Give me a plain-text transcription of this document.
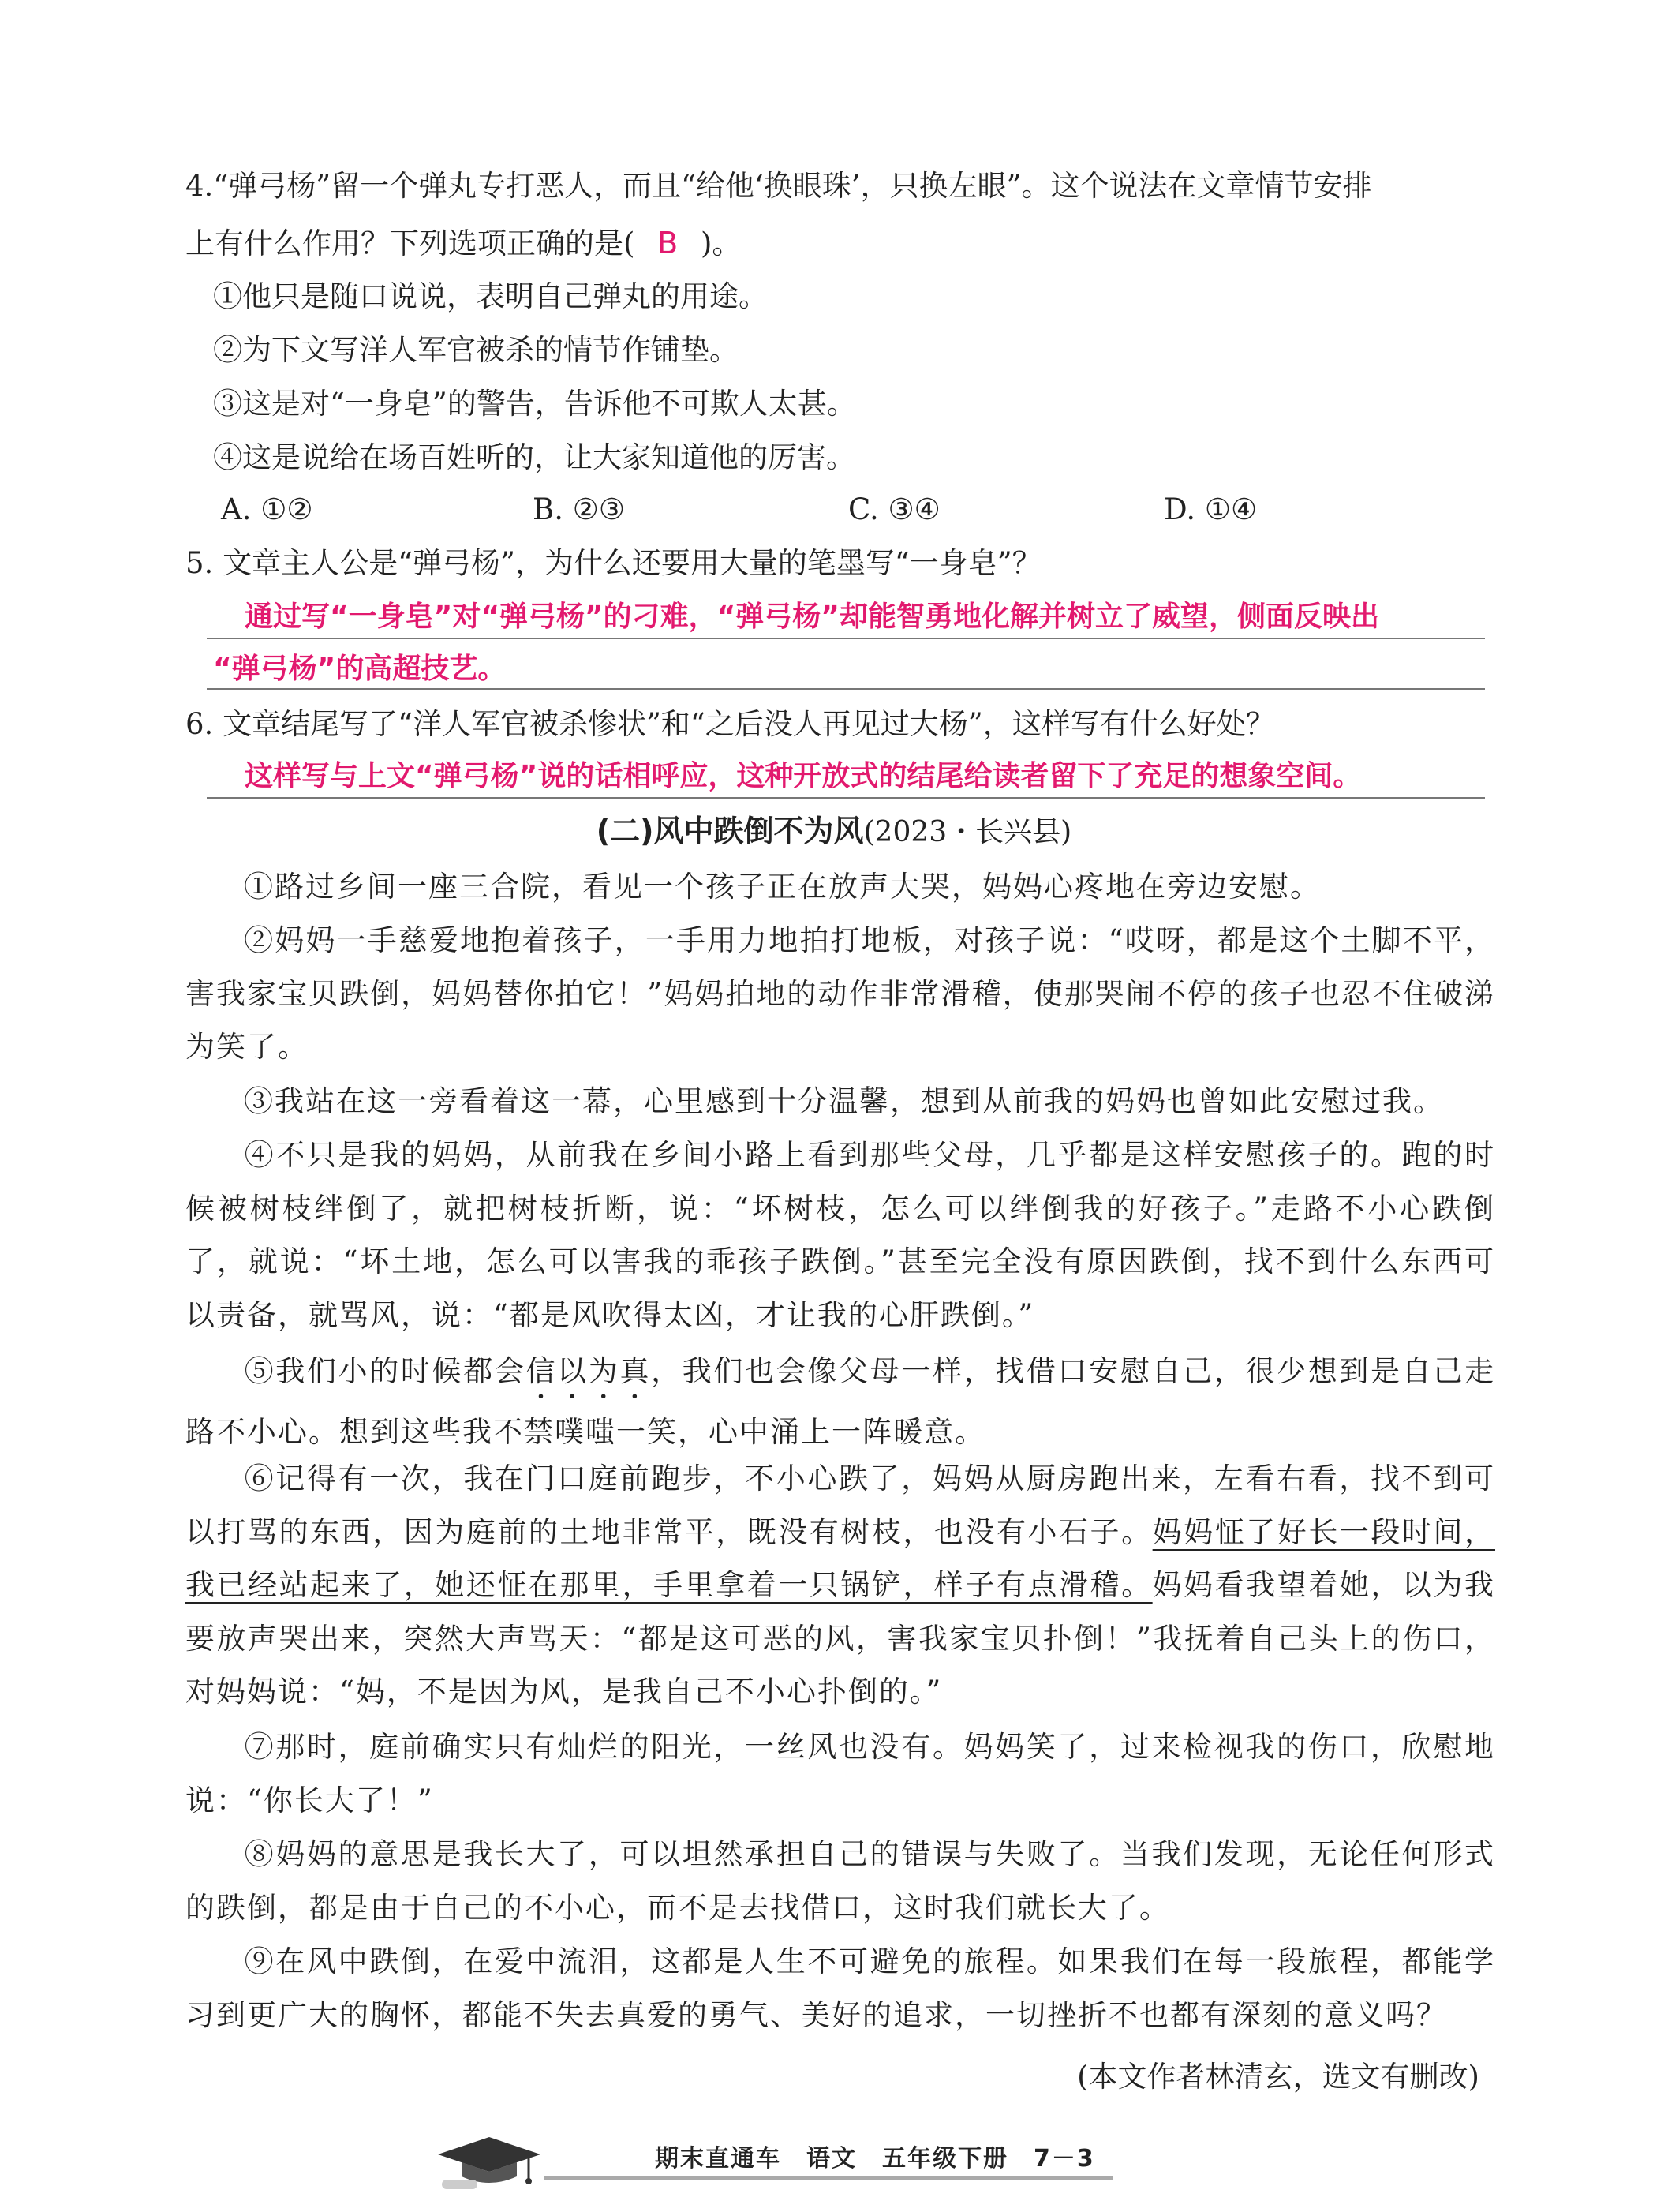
4.“弹弓杨”留一个弹丸专打恶人，而且“给他‘换眼珠’，只换左眼”。这个说法在文章情节安排
上有什么作用？下列选项正确的是( B )。
①他只是随口说说，表明自己弹丸的用途。
②为下文写洋人军官被杀的情节作铺垫。
③这是对“一身皂”的警告，告诉他不可欺人太甚。
④这是说给在场百姓听的，让大家知道他的厉害。
A. ①②	B. ②③	C. ③④	D. ①④
5. 文章主人公是“弹弓杨”，为什么还要用大量的笔墨写“一身皂”？
通过写“一身皂”对“弹弓杨”的刁难，“弹弓杨”却能智勇地化解并树立了威望，侧面反映出
“弹弓杨”的高超技艺。
6. 文章结尾写了“洋人军官被杀惨状”和“之后没人再见过大杨”，这样写有什么好处？
这样写与上文“弹弓杨”说的话相呼应，这种开放式的结尾给读者留下了充足的想象空间。
(二)风中跌倒不为风(2023・长兴县)
①路过乡间一座三合院，看见一个孩子正在放声大哭，妈妈心疼地在旁边安慰。
②妈妈一手慈爱地抱着孩子，一手用力地拍打地板，对孩子说：“哎呀，都是这个土脚不平，害我家宝贝跌倒，妈妈替你拍它！”妈妈拍地的动作非常滑稽，使那哭闹不停的孩子也忍不住破涕为笑了。
③我站在这一旁看着这一幕，心里感到十分温馨，想到从前我的妈妈也曾如此安慰过我。
④不只是我的妈妈，从前我在乡间小路上看到那些父母，几乎都是这样安慰孩子的。跑的时候被树枝绊倒了，就把树枝折断，说：“坏树枝，怎么可以绊倒我的好孩子。”走路不小心跌倒了，就说：“坏土地，怎么可以害我的乖孩子跌倒。”甚至完全没有原因跌倒，找不到什么东西可以责备，就骂风，说：“都是风吹得太凶，才让我的心肝跌倒。”
⑤我们小的时候都会信以为真，我们也会像父母一样，找借口安慰自己，很少想到是自己走路不小心。想到这些我不禁噗嗤一笑，心中涌上一阵暖意。
⑥记得有一次，我在门口庭前跑步，不小心跌了，妈妈从厨房跑出来，左看右看，找不到可以打骂的东西，因为庭前的土地非常平，既没有树枝，也没有小石子。妈妈怔了好长一段时间，我已经站起来了，她还怔在那里，手里拿着一只锅铲，样子有点滑稽。妈妈看我望着她，以为我要放声哭出来，突然大声骂天：“都是这可恶的风，害我家宝贝扑倒！”我抚着自己头上的伤口，对妈妈说：“妈，不是因为风，是我自己不小心扑倒的。”
⑦那时，庭前确实只有灿烂的阳光，一丝风也没有。妈妈笑了，过来检视我的伤口，欣慰地说：“你长大了！”
⑧妈妈的意思是我长大了，可以坦然承担自己的错误与失败了。当我们发现，无论任何形式的跌倒，都是由于自己的不小心，而不是去找借口，这时我们就长大了。
⑨在风中跌倒，在爱中流泪，这都是人生不可避免的旅程。如果我们在每一段旅程，都能学习到更广大的胸怀，都能不失去真爱的勇气、美好的追求，一切挫折不也都有深刻的意义吗？
(本文作者林清玄，选文有删改)
期末直通车　语文　五年级下册　7－3
